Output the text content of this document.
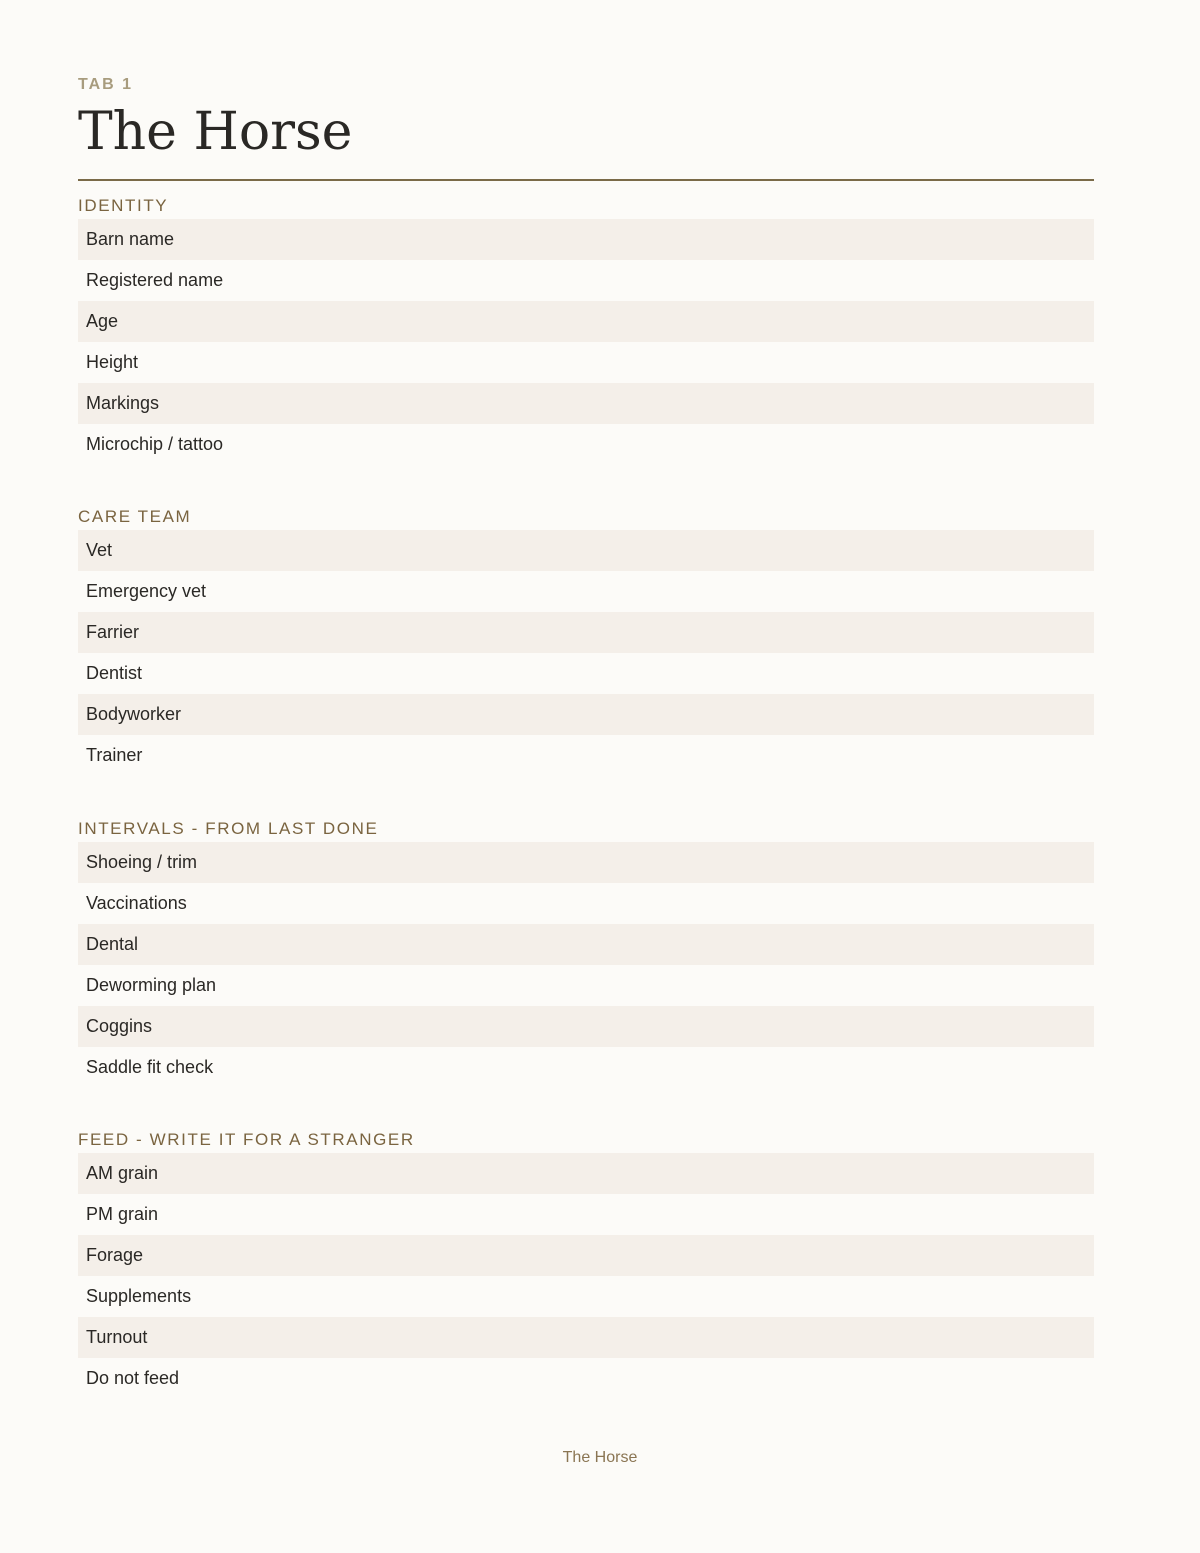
TAB 1
The Horse
IDENTITY
Barn name
Registered name
Age
Height
Markings
Microchip / tattoo
CARE TEAM
Vet
Emergency vet
Farrier
Dentist
Bodyworker
Trainer
INTERVALS - FROM LAST DONE
Shoeing / trim
Vaccinations
Dental
Deworming plan
Coggins
Saddle fit check
FEED - WRITE IT FOR A STRANGER
AM grain
PM grain
Forage
Supplements
Turnout
Do not feed
The Horse
